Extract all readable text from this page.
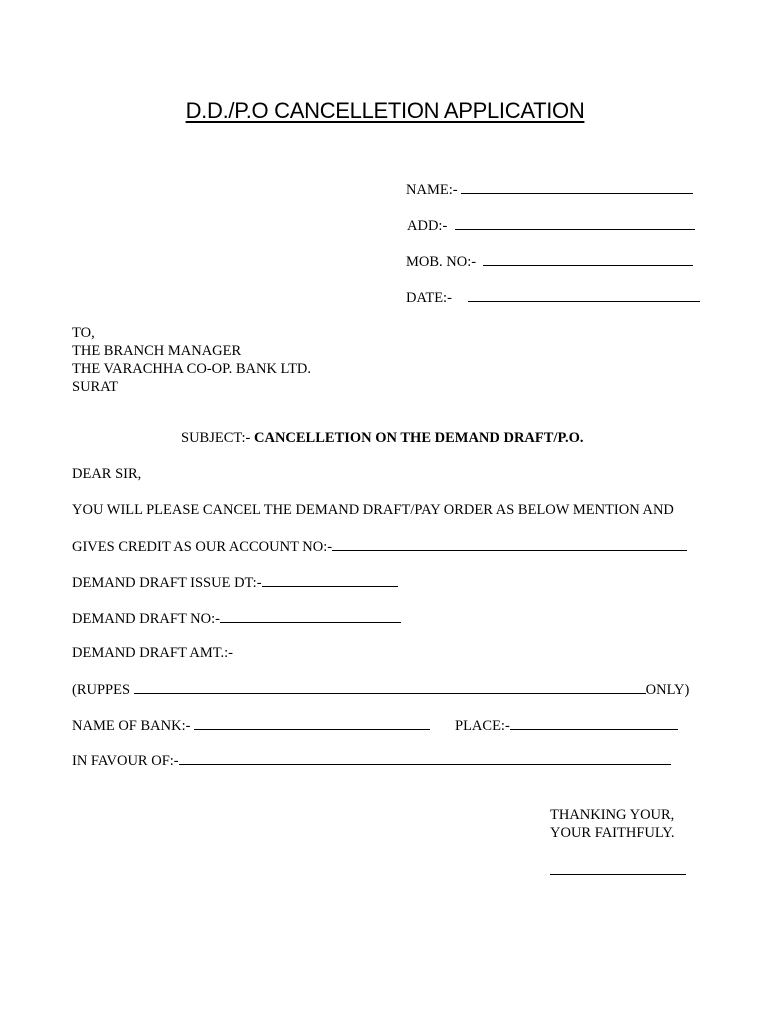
D.D./P.O CANCELLETION APPLICATION
NAME:-
ADD:-
MOB. NO:-
DATE:-
TO,
THE BRANCH MANAGER
THE VARACHHA CO-OP. BANK LTD.
SURAT
SUBJECT:- CANCELLETION ON THE DEMAND DRAFT/P.O.
DEAR SIR,
YOU WILL PLEASE CANCEL THE DEMAND DRAFT/PAY ORDER AS BELOW MENTION AND
GIVES CREDIT AS OUR ACCOUNT NO:-
DEMAND DRAFT ISSUE DT:-
DEMAND DRAFT NO:-
DEMAND DRAFT AMT.:-
(RUPPES	ONLY)
NAME OF BANK:-	PLACE:-
IN FAVOUR OF:-
THANKING YOUR,
YOUR FAITHFULY.
